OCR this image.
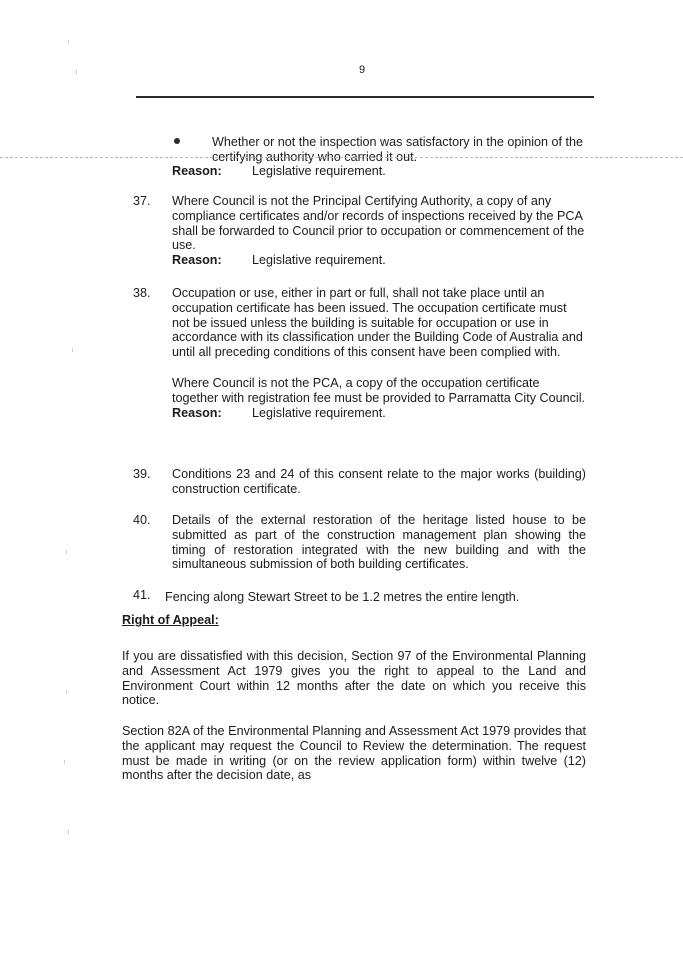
9
Whether or not the inspection was satisfactory in the opinion of the certifying authority who carried it out.
Reason: Legislative requirement.
37. Where Council is not the Principal Certifying Authority, a copy of any compliance certificates and/or records of inspections received by the PCA shall be forwarded to Council prior to occupation or commencement of the use.

Reason: Legislative requirement.
38. Occupation or use, either in part or full, shall not take place until an occupation certificate has been issued. The occupation certificate must not be issued unless the building is suitable for occupation or use in accordance with its classification under the Building Code of Australia and until all preceding conditions of this consent have been complied with.

Where Council is not the PCA, a copy of the occupation certificate together with registration fee must be provided to Parramatta City Council.

Reason: Legislative requirement.
39. Conditions 23 and 24 of this consent relate to the major works (building) construction certificate.

40. Details of the external restoration of the heritage listed house to be submitted as part of the construction management plan showing the timing of restoration integrated with the new building and with the simultaneous submission of both building certificates.

41. Fencing along Stewart Street to be 1.2 metres the entire length.

Right of Appeal:

If you are dissatisfied with this decision, Section 97 of the Environmental Planning and Assessment Act 1979 gives you the right to appeal to the Land and Environment Court within 12 months after the date on which you receive this notice.

Section 82A of the Environmental Planning and Assessment Act 1979 provides that the applicant may request the Council to Review the determination. The request must be made in writing (or on the review application form) within twelve (12) months after the decision date, as
